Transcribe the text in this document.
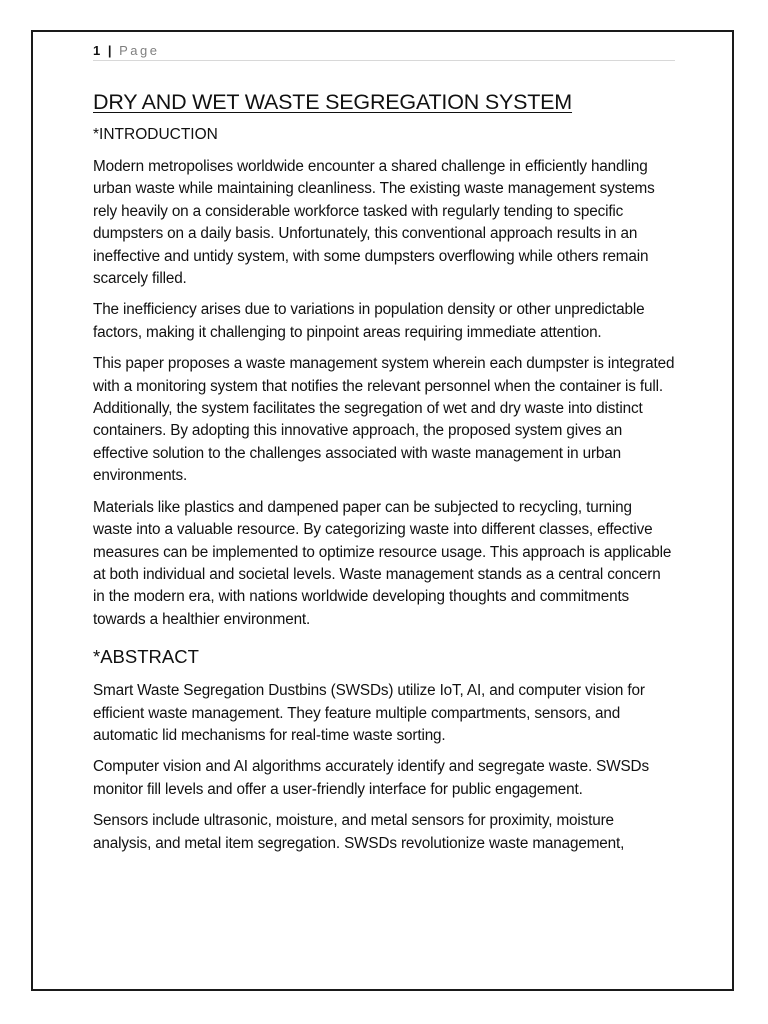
1 | Page
DRY AND WET WASTE SEGREGATION SYSTEM
*INTRODUCTION

Modern metropolises worldwide encounter a shared challenge in efficiently handling urban waste while maintaining cleanliness. The existing waste management systems rely heavily on a considerable workforce tasked with regularly tending to specific dumpsters on a daily basis. Unfortunately, this conventional approach results in an ineffective and untidy system, with some dumpsters overflowing while others remain scarcely filled.

The inefficiency arises due to variations in population density or other unpredictable factors, making it challenging to pinpoint areas requiring immediate attention.

This paper proposes a waste management system wherein each dumpster is integrated with a monitoring system that notifies the relevant personnel when the container is full. Additionally, the system facilitates the segregation of wet and dry waste into distinct containers. By adopting this innovative approach, the proposed system gives an effective solution to the challenges associated with waste management in urban environments.

Materials like plastics and dampened paper can be subjected to recycling, turning waste into a valuable resource. By categorizing waste into different classes, effective measures can be implemented to optimize resource usage. This approach is applicable at both individual and societal levels. Waste management stands as a central concern in the modern era, with nations worldwide developing thoughts and commitments towards a healthier environment.

*ABSTRACT

Smart Waste Segregation Dustbins (SWSDs) utilize IoT, AI, and computer vision for efficient waste management. They feature multiple compartments, sensors, and automatic lid mechanisms for real-time waste sorting.

Computer vision and AI algorithms accurately identify and segregate waste. SWSDs monitor fill levels and offer a user-friendly interface for public engagement.

Sensors include ultrasonic, moisture, and metal sensors for proximity, moisture analysis, and metal item segregation. SWSDs revolutionize waste management,
